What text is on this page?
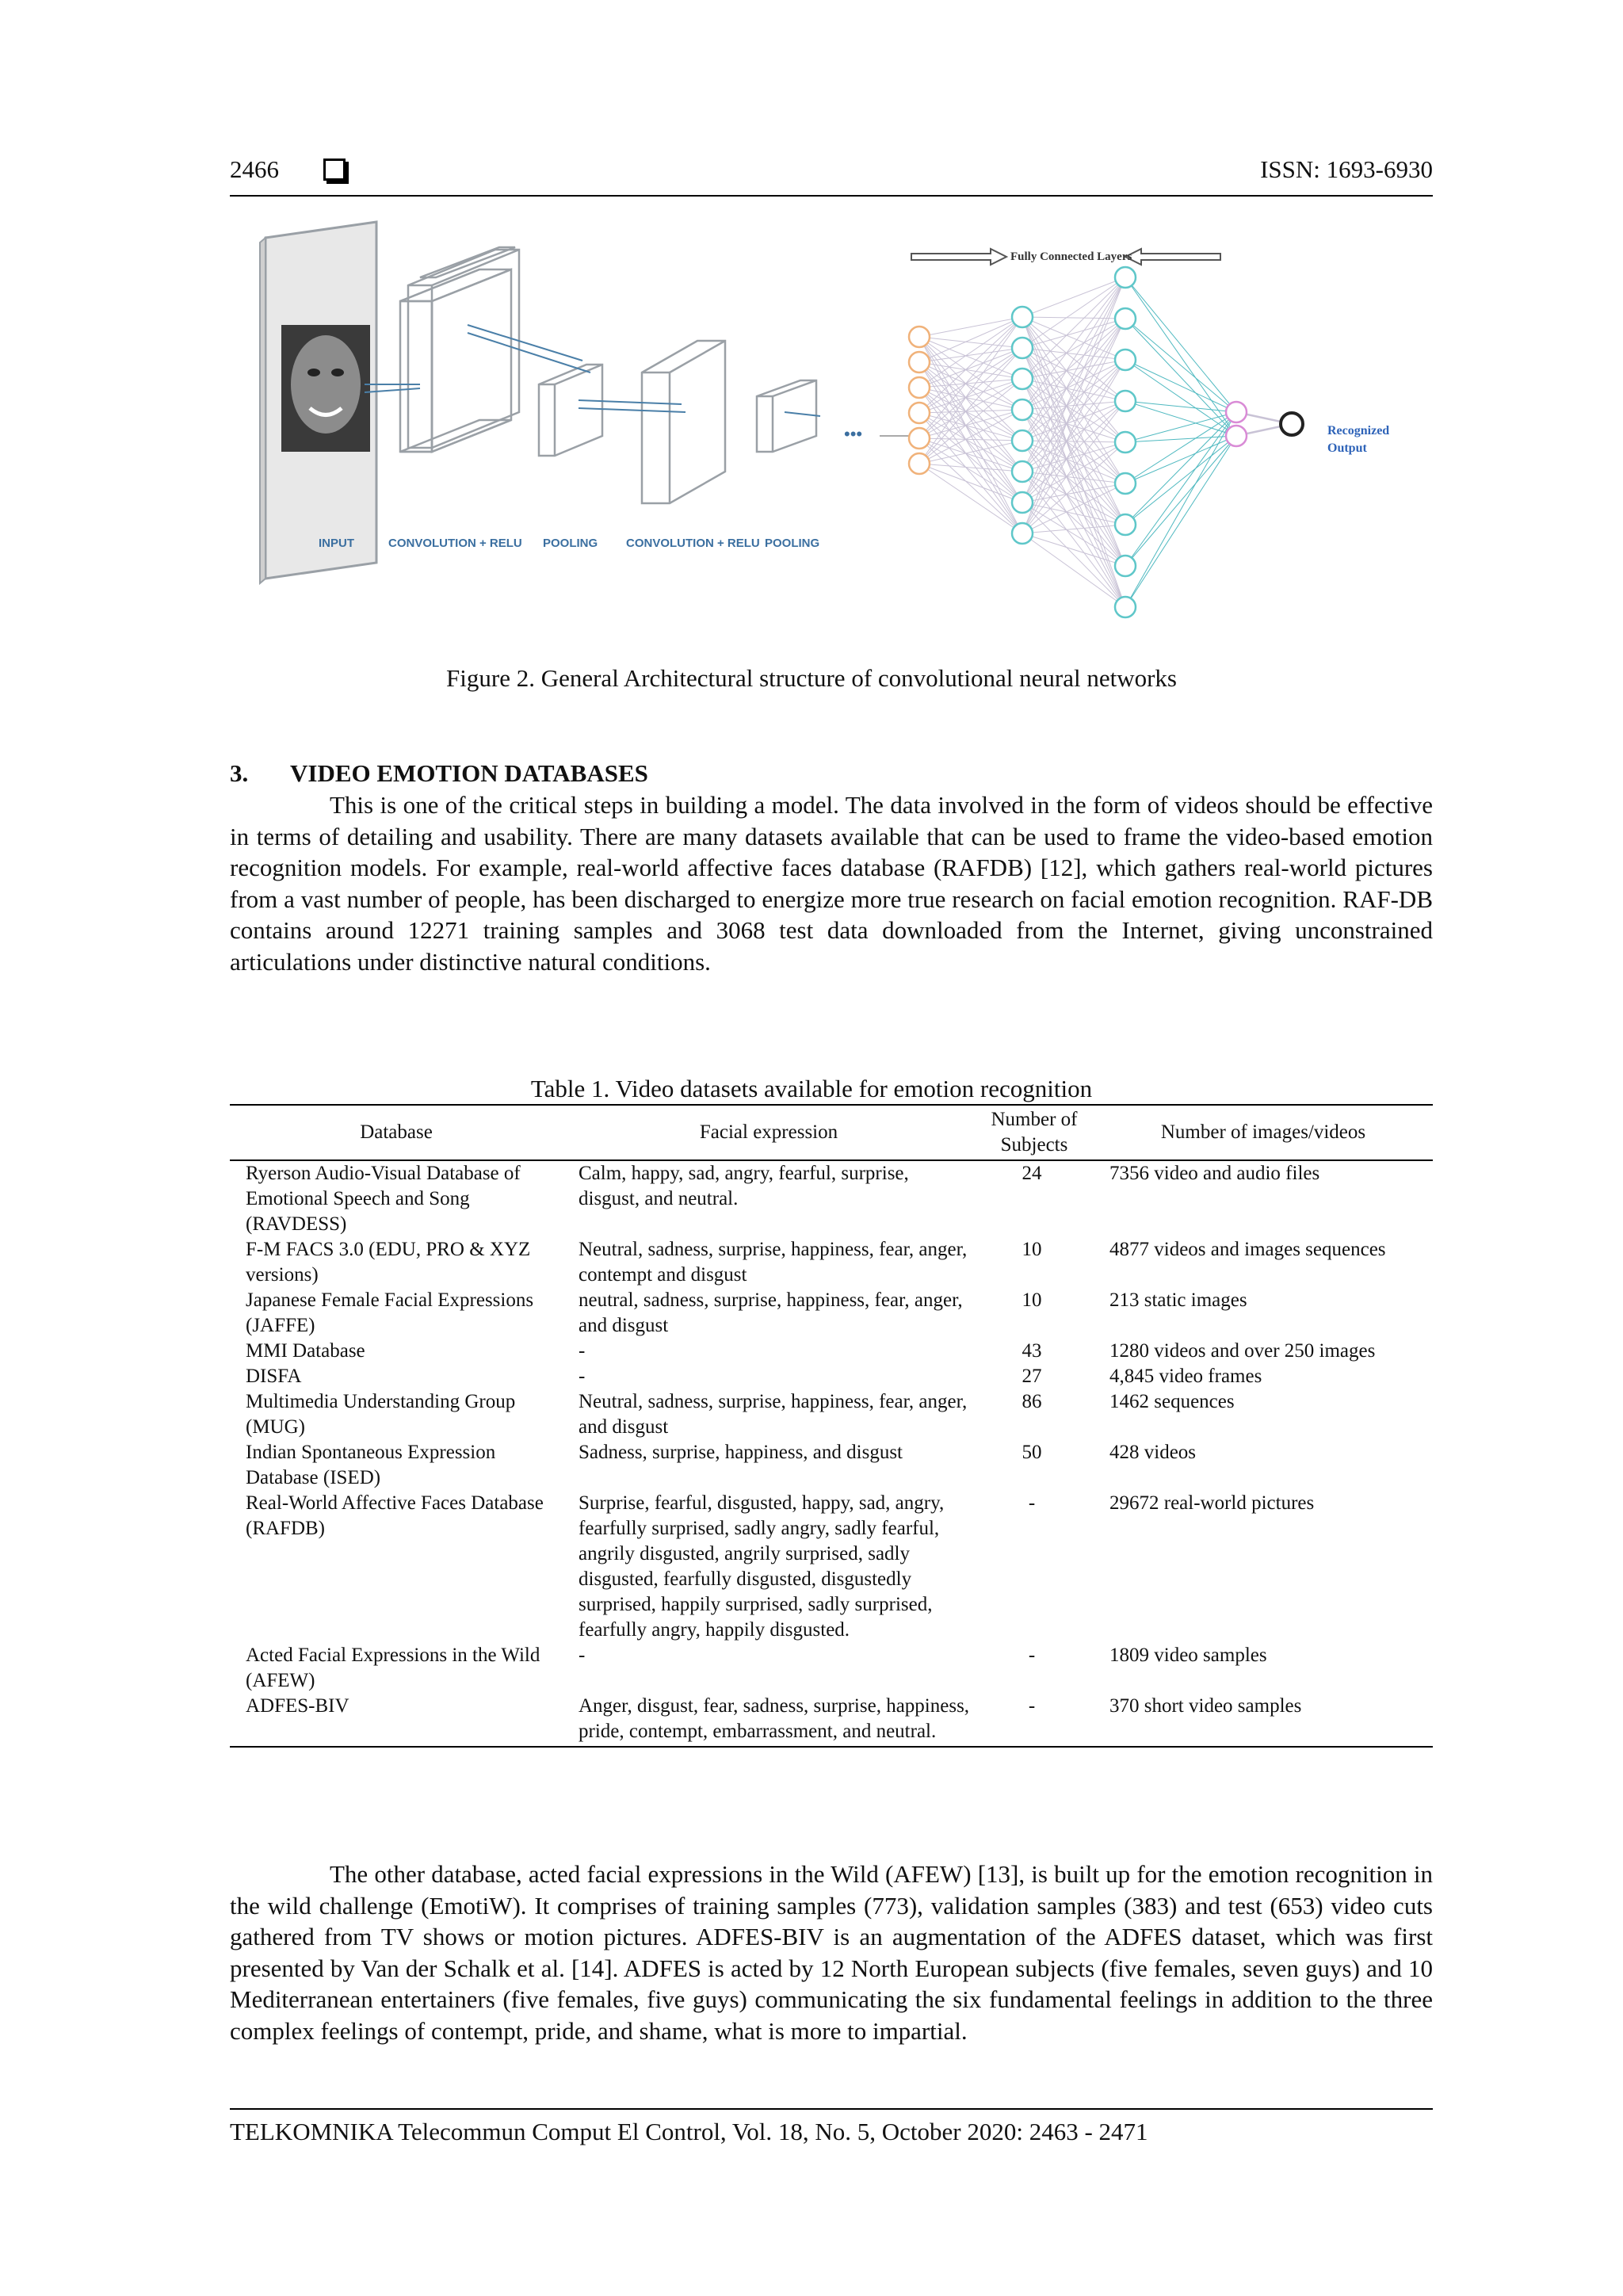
2466	ISSN: 1693-6930
•••
INPUT	CONVOLUTION + RELU POOLING CONVOLUTION + RELU POOLING
Fully Connected Layers
Recognized
Output
Figure 2. General Architectural structure of convolutional neural networks
3. VIDEO EMOTION DATABASES

This is one of the critical steps in building a model. The data involved in the form of videos should be effective in terms of detailing and usability. There are many datasets available that can be used to frame the video-based emotion recognition models. For example, real-world affective faces database (RAFDB) [12], which gathers real-world pictures from a vast number of people, has been discharged to energize more true research on facial emotion recognition. RAF-DB contains around 12271 training samples and 3068 test data downloaded from the Internet, giving unconstrained articulations under distinctive natural conditions.

Table 1. Video datasets available for emotion recognition
Database	Facial expression	Number of Subjects	Number of images/videos
Ryerson Audio-Visual Database of Emotional Speech and Song (RAVDESS)	Calm, happy, sad, angry, fearful, surprise, disgust, and neutral.	24	7356 video and audio files
F-M FACS 3.0 (EDU, PRO & XYZ versions)	Neutral, sadness, surprise, happiness, fear, anger, contempt and disgust	10	4877 videos and images sequences
Japanese Female Facial Expressions (JAFFE)	neutral, sadness, surprise, happiness, fear, anger, and disgust	10	213 static images
MMI Database	-	43	1280 videos and over 250 images
DISFA	-	27	4,845 video frames
Multimedia Understanding Group (MUG)	Neutral, sadness, surprise, happiness, fear, anger, and disgust	86	1462 sequences
Indian Spontaneous Expression Database (ISED)	Sadness, surprise, happiness, and disgust	50	428 videos
Real-World Affective Faces Database (RAFDB)	Surprise, fearful, disgusted, happy, sad, angry, fearfully surprised, sadly angry, sadly fearful, angrily disgusted, angrily surprised, sadly disgusted, fearfully disgusted, disgustedly surprised, happily surprised, sadly surprised, fearfully angry, happily disgusted.	-	29672 real-world pictures
Acted Facial Expressions in the Wild (AFEW)	-	-	1809 video samples
ADFES-BIV	Anger, disgust, fear, sadness, surprise, happiness, pride, contempt, embarrassment, and neutral.	-	370 short video samples

The other database, acted facial expressions in the Wild (AFEW) [13], is built up for the emotion recognition in the wild challenge (EmotiW). It comprises of training samples (773), validation samples (383) and test (653) video cuts gathered from TV shows or motion pictures. ADFES-BIV is an augmentation of the ADFES dataset, which was first presented by Van der Schalk et al. [14]. ADFES is acted by 12 North European subjects (five females, seven guys) and 10 Mediterranean entertainers (five females, five guys) communicating the six fundamental feelings in addition to the three complex feelings of contempt, pride, and shame, what is more to impartial.

TELKOMNIKA Telecommun Comput El Control, Vol. 18, No. 5, October 2020: 2463 - 2471
